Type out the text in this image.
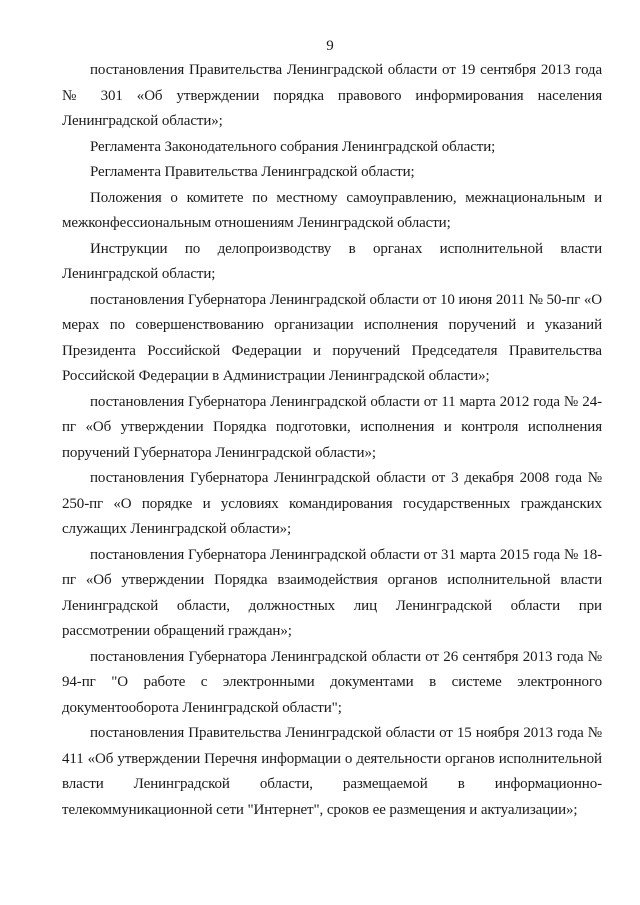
9

постановления Правительства Ленинградской области от 19 сентября 2013 года № 301 «Об утверждении порядка правового информирования населения Ленинградской области»;

Регламента Законодательного собрания Ленинградской области;

Регламента Правительства Ленинградской области;

Положения о комитете по местному самоуправлению, межнациональным и межконфессиональным отношениям Ленинградской области;

Инструкции по делопроизводству в органах исполнительной власти Ленинградской области;

постановления Губернатора Ленинградской области от 10 июня 2011 № 50-пг «О мерах по совершенствованию организации исполнения поручений и указаний Президента Российской Федерации и поручений Председателя Правительства Российской Федерации в Администрации Ленинградской области»;

постановления Губернатора Ленинградской области от 11 марта 2012 года № 24-пг «Об утверждении Порядка подготовки, исполнения и контроля исполнения поручений Губернатора Ленинградской области»;

постановления Губернатора Ленинградской области от 3 декабря 2008 года № 250-пг «О порядке и условиях командирования государственных гражданских служащих Ленинградской области»;

постановления Губернатора Ленинградской области от 31 марта 2015 года № 18-пг «Об утверждении Порядка взаимодействия органов исполнительной власти Ленинградской области, должностных лиц Ленинградской области при рассмотрении обращений граждан»;

постановления Губернатора Ленинградской области от 26 сентября 2013 года № 94-пг "О работе с электронными документами в системе электронного документооборота Ленинградской области";

постановления Правительства Ленинградской области от 15 ноября 2013 года № 411 «Об утверждении Перечня информации о деятельности органов исполнительной власти Ленинградской области, размещаемой в информационно-телекоммуникационной сети "Интернет", сроков ее размещения и актуализации»;
